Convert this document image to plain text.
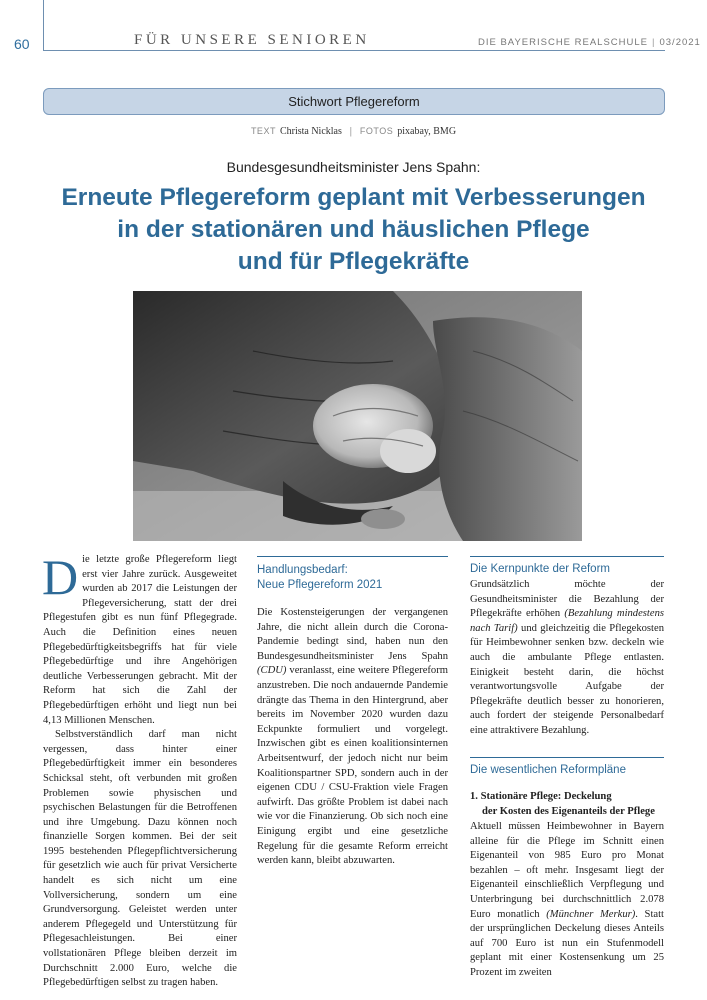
60	FÜR UNSERE SENIOREN	DIE BAYERISCHE REALSCHULE | 03/2021
Stichwort Pflegereform
TEXT Christa Nicklas | FOTOS pixabay, BMG
Bundesgesundheitsminister Jens Spahn:
Erneute Pflegereform geplant mit Verbesserungen
in der stationären und häuslichen Pflege
und für Pflegekräfte

Die letzte große Pflegereform liegt erst vier Jahre zurück. Ausgeweitet wurden ab 2017 die Leistungen der Pflegeversicherung, statt der drei Pflegestufen gibt es nun fünf Pflegegrade. Auch die Definition eines neuen Pflegebedürftigkeitsbegriffs hat für viele Pflegebedürftige und ihre Angehörigen deutliche Verbesserungen gebracht. Mit der Reform hat sich die Zahl der Pflegebedürftigen erhöht und liegt nun bei 4,13 Millionen Menschen.

Selbstverständlich darf man nicht vergessen, dass hinter einer Pflegebedürftigkeit immer ein besonderes Schicksal steht, oft verbunden mit großen Problemen sowie physischen und psychischen Belastungen für die Betroffenen und ihre Umgebung. Dazu können noch finanzielle Sorgen kommen. Bei der seit 1995 bestehenden Pflegepflichtversicherung für gesetzlich wie auch für privat Versicherte handelt es sich nicht um eine Vollversicherung, sondern um eine Grundversorgung. Geleistet werden unter anderem Pflegegeld und Unterstützung für Pflegesachleistungen. Bei einer vollstationären Pflege bleiben derzeit im Durchschnitt 2.000 Euro, welche die Pflegebedürftigen selbst zu tragen haben.

Handlungsbedarf:
Neue Pflegereform 2021

Die Kostensteigerungen der vergangenen Jahre, die nicht allein durch die Corona-Pandemie bedingt sind, haben nun den Bundesgesundheitsminister Jens Spahn (CDU) veranlasst, eine weitere Pflegereform anzustreben. Die noch andauernde Pandemie drängte das Thema in den Hintergrund, aber bereits im November 2020 wurden dazu Eckpunkte formuliert und vorgelegt. Inzwischen gibt es einen koalitionsinternen Arbeitsentwurf, der jedoch nicht nur beim Koalitionspartner SPD, sondern auch in der eigenen CDU / CSU-Fraktion viele Fragen aufwirft. Das größte Problem ist dabei nach wie vor die Finanzierung. Ob sich noch eine Einigung ergibt und eine gesetzliche Regelung für die gesamte Reform erreicht werden kann, bleibt abzuwarten.

Die Kernpunkte der Reform

Grundsätzlich möchte der Gesundheitsminister die Bezahlung der Pflegekräfte erhöhen (Bezahlung mindestens nach Tarif) und gleichzeitig die Pflegekosten für Heimbewohner senken bzw. deckeln wie auch die ambulante Pflege entlasten. Einigkeit besteht darin, die höchst verantwortungsvolle Aufgabe der Pflegekräfte deutlich besser zu honorieren, auch fordert der steigende Personalbedarf eine attraktivere Bezahlung.

Die wesentlichen Reformpläne
1. Stationäre Pflege: Deckelung
der Kosten des Eigenanteils der Pflege

Aktuell müssen Heimbewohner in Bayern alleine für die Pflege im Schnitt einen Eigenanteil von 985 Euro pro Monat bezahlen – oft mehr. Insgesamt liegt der Eigenanteil einschließlich Verpflegung und Unterbringung bei durchschnittlich 2.078 Euro monatlich (Münchner Merkur). Statt der ursprünglichen Deckelung dieses Anteils auf 700 Euro ist nun ein Stufenmodell geplant mit einer Kostensenkung um 25 Prozent im zweiten
